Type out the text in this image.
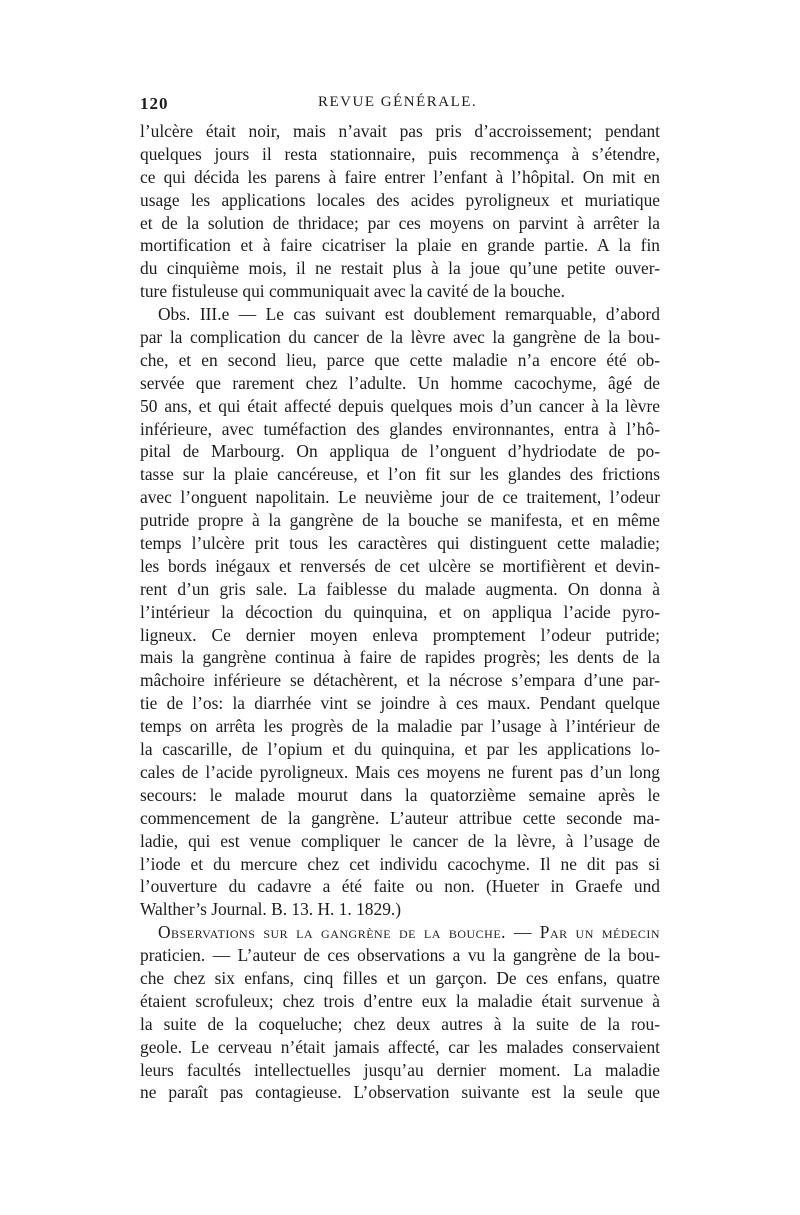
120	REVUE GÉNÉRALE.
l’ulcère était noir, mais n’avait pas pris d’accroissement; pendant
quelques jours il resta stationnaire, puis recommença à s’étendre,
ce qui décida les parens à faire entrer l’enfant à l’hôpital. On mit en
usage les applications locales des acides pyroligneux et muriatique
et de la solution de thridace; par ces moyens on parvint à arrêter la
mortification et à faire cicatriser la plaie en grande partie. A la fin
du cinquième mois, il ne restait plus à la joue qu’une petite ouver-
ture fistuleuse qui communiquait avec la cavité de la bouche.
Obs. III.e — Le cas suivant est doublement remarquable, d’abord
par la complication du cancer de la lèvre avec la gangrène de la bou-
che, et en second lieu, parce que cette maladie n’a encore été ob-
servée que rarement chez l’adulte. Un homme cacochyme, âgé de
50 ans, et qui était affecté depuis quelques mois d’un cancer à la lèvre
inférieure, avec tuméfaction des glandes environnantes, entra à l’hô-
pital de Marbourg. On appliqua de l’onguent d’hydriodate de po-
tasse sur la plaie cancéreuse, et l’on fit sur les glandes des frictions
avec l’onguent napolitain. Le neuvième jour de ce traitement, l’odeur
putride propre à la gangrène de la bouche se manifesta, et en même
temps l’ulcère prit tous les caractères qui distinguent cette maladie;
les bords inégaux et renversés de cet ulcère se mortifièrent et devin-
rent d’un gris sale. La faiblesse du malade augmenta. On donna à
l’intérieur la décoction du quinquina, et on appliqua l’acide pyro-
ligneux. Ce dernier moyen enleva promptement l’odeur putride;
mais la gangrène continua à faire de rapides progrès; les dents de la
mâchoire inférieure se détachèrent, et la nécrose s’empara d’une par-
tie de l’os: la diarrhée vint se joindre à ces maux. Pendant quelque
temps on arrêta les progrès de la maladie par l’usage à l’intérieur de
la cascarille, de l’opium et du quinquina, et par les applications lo-
cales de l’acide pyroligneux. Mais ces moyens ne furent pas d’un long
secours: le malade mourut dans la quatorzième semaine après le
commencement de la gangrène. L’auteur attribue cette seconde ma-
ladie, qui est venue compliquer le cancer de la lèvre, à l’usage de
l’iode et du mercure chez cet individu cacochyme. Il ne dit pas si
l’ouverture du cadavre a été faite ou non. (Hueter in Graefe und
Walther’s Journal. B. 13. H. 1. 1829.)
Observations sur la gangrène de la bouche. — Par un médecin
praticien. — L’auteur de ces observations a vu la gangrène de la bou-
che chez six enfans, cinq filles et un garçon. De ces enfans, quatre
étaient scrofuleux; chez trois d’entre eux la maladie était survenue à
la suite de la coqueluche; chez deux autres à la suite de la rou-
geole. Le cerveau n’était jamais affecté, car les malades conservaient
leurs facultés intellectuelles jusqu’au dernier moment. La maladie
ne paraît pas contagieuse. L’observation suivante est la seule que
